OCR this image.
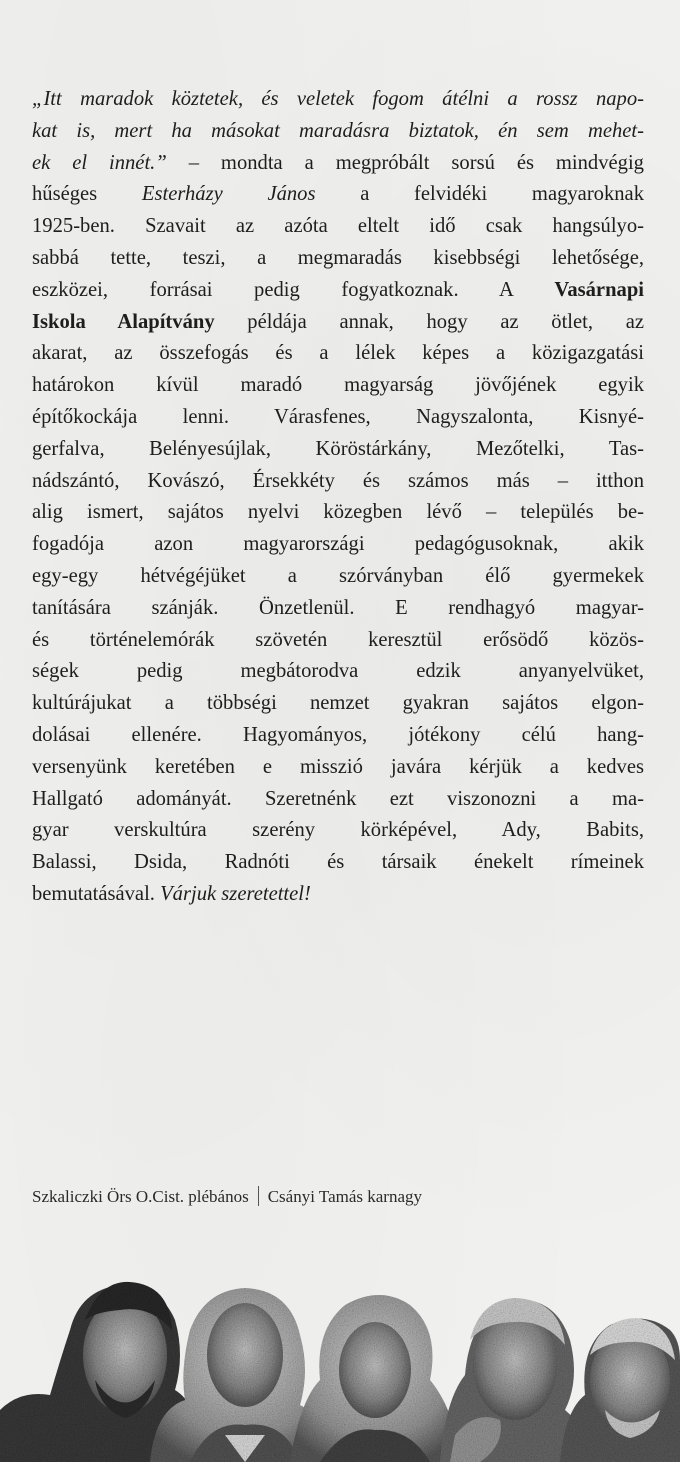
„Itt maradok köztetek, és veletek fogom átélni a rossz napo-
kat is, mert ha másokat maradásra biztatok, én sem mehet-
ek el innét.” – mondta a megpróbált sorsú és mindvégig
hűséges Esterházy János a felvidéki magyaroknak
1925-ben. Szavait az azóta eltelt idő csak hangsúlyo-
sabbá tette, teszi, a megmaradás kisebbségi lehetősége,
eszközei, forrásai pedig fogyatkoznak. A Vasárnapi
Iskola Alapítvány példája annak, hogy az ötlet, az
akarat, az összefogás és a lélek képes a közigazgatási
határokon kívül maradó magyarság jövőjének egyik
építőkockája lenni. Várasfenes, Nagyszalonta, Kisnyé-
gerfalva, Belényesújlak, Köröstárkány, Mezőtelki, Tas-
nádszántó, Kovászó, Érsekkéty és számos más – itthon
alig ismert, sajátos nyelvi közegben lévő – település be-
fogadója azon magyarországi pedagógusoknak, akik
egy-egy hétvégéjüket a szórványban élő gyermekek
tanítására szánják. Önzetlenül. E rendhagyó magyar-
és történelemórák szövetén keresztül erősödő közös-
ségek pedig megbátorodva edzik anyanyelvüket,
kultúrájukat a többségi nemzet gyakran sajátos elgon-
dolásai ellenére. Hagyományos, jótékony célú hang-
versenyünk keretében e misszió javára kérjük a kedves
Hallgató adományát. Szeretnénk ezt viszonozni a ma-
gyar verskultúra szerény körképével, Ady, Babits,
Balassi, Dsida, Radnóti és társaik énekelt rímeinek
bemutatásával. Várjuk szeretettel!
Szkaliczki Örs O.Cist. plébános Csányi Tamás karnagy
